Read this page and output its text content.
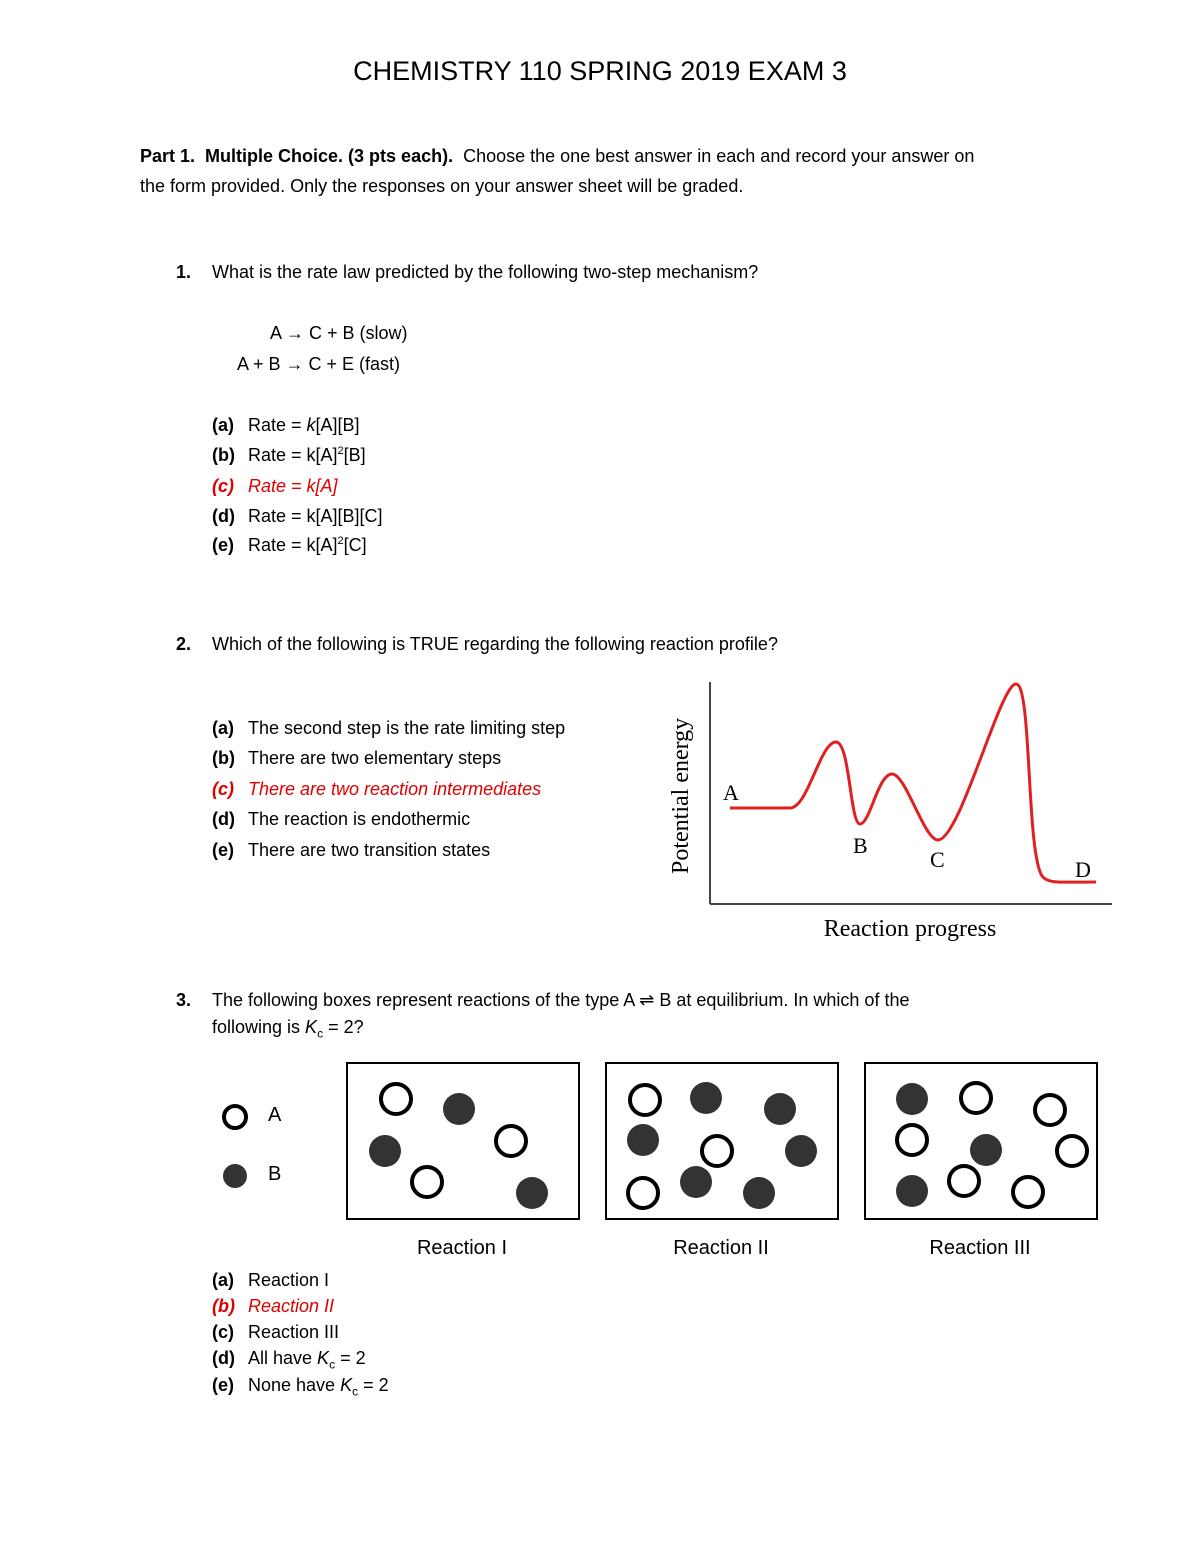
CHEMISTRY 110 SPRING 2019 EXAM 3
Part 1. Multiple Choice. (3 pts each). Choose the one best answer in each and record your answer on
the form provided. Only the responses on your answer sheet will be graded.
1. What is the rate law predicted by the following two-step mechanism?
A → C + B (slow)
A + B → C + E (fast)
(a) Rate = k[A][B]
(b) Rate = $k[A]^2[B]$
(c) Rate = k[A]
(d) Rate = k[A][B][C]
(e) Rate = $k[A]^2[C]$
2. Which of the following is TRUE regarding the following reaction profile?
(a) The second step is the rate limiting step
(b) There are two elementary steps
(c) There are two reaction intermediates
(d) The reaction is endothermic
(e) There are two transition states
A
B
C	D
Potential energy
Reaction progress
3. The following boxes represent reactions of the type A ⇌ B at equilibrium. In which of the
following is $K_c = 2$?
A
B
Reaction I	Reaction II	Reaction III
(a) Reaction I
(b) Reaction II
(c) Reaction III
(d) All have $K_c = 2$
(e) None have $K_c = 2$
